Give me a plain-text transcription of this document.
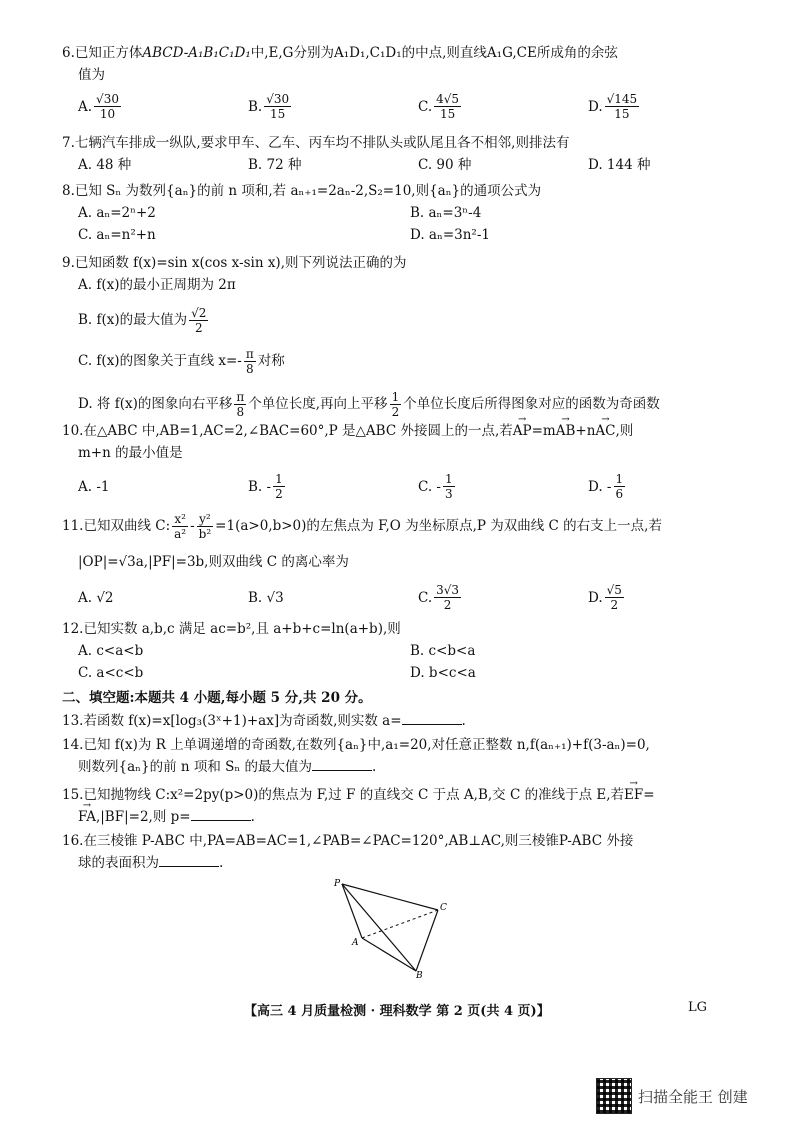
6.已知正方体ABCD-A₁B₁C₁D₁中,E,G分别为A₁D₁,C₁D₁的中点,则直线A₁G,CE所成角的余弦
值为
A. $\frac{√30}{10}$	B. $\frac{√30}{15}$	C. $\frac{4√5}{15}$	D. $\frac{√145}{15}$
7.七辆汽车排成一纵队,要求甲车、乙车、丙车均不排队头或队尾且各不相邻,则排法有
A. 48 种	B. 72 种	C. 90 种	D. 144 种
8.已知 Sₙ 为数列{aₙ}的前 n 项和,若 aₙ₊₁=2aₙ-2,S₂=10,则{aₙ}的通项公式为
A. aₙ=2ⁿ+2	B. aₙ=3ⁿ-4
C. aₙ=n²+n	D. aₙ=3n²-1
9.已知函数 f(x)=sin x(cos x-sin x),则下列说法正确的为
A. f(x)的最小正周期为 2π
B. f(x)的最大值为 $\frac{√2}{2}$
C. f(x)的图象关于直线 $x=- \frac{\pi}{8}$ 对称
D. 将 f(x)的图象向右平移 $\frac{\pi}{8}$ 个单位长度,再向上平移 $\frac{1}{2}$ 个单位长度后所得图象对应的函数为奇函数
10.在△ABC 中,AB=1,AC=2,∠BAC=60°,P 是△ABC 外接圆上的一点,若→ AP=m→ AB+n→ AC,则
m+n 的最小值是
A. -1	B. - $\frac{1}{2}$	C. - $\frac{1}{3}$	D. - $\frac{1}{6}$
11.已知双曲线 C: $\frac{\text{x²}}{\text{a²}} - \frac{\text{y²}}{\text{b²}} =1(a>0,b>0)$的左焦点为 F,O 为坐标原点,P 为双曲线 C 的右支上一点,若
|OP|=√3a,|PF|=3b,则双曲线 C 的离心率为
A. √2	B. √3	C. $\frac{3√3}{2}$	D. $\frac{√5}{2}$
12.已知实数 a,b,c 满足 ac=b²,且 a+b+c=ln(a+b),则
A. c<a<b	B. c<b<a
C. a<c<b	D. b<c<a
二、填空题:本题共 4 小题,每小题 5 分,共 20 分。
13.若函数 f(x)=x[log₃(3ˣ+1)+ax]为奇函数,则实数 a=	.
14.已知 f(x)为 R 上单调递增的奇函数,在数列{aₙ}中,a₁=20,对任意正整数 n,f(aₙ₊₁)+f(3-aₙ)=0,
则数列{aₙ}的前 n 项和 Sₙ 的最大值为	.
15.已知抛物线 C:x²=2py(p>0)的焦点为 F,过 F 的直线交 C 于点 A,B,交 C 的准线于点 E,若→ EF=
→ FA,|BF|=2,则 p=	.
16.在三棱锥 P-ABC 中,PA=AB=AC=1,∠PAB=∠PAC=120°,AB⊥AC,则三棱锥P-ABC 外接
球的表面积为	.
P
A
B
C
【高三 4 月质量检测 · 理科数学 第 2 页(共 4 页)】	LG
扫描全能王 创建
